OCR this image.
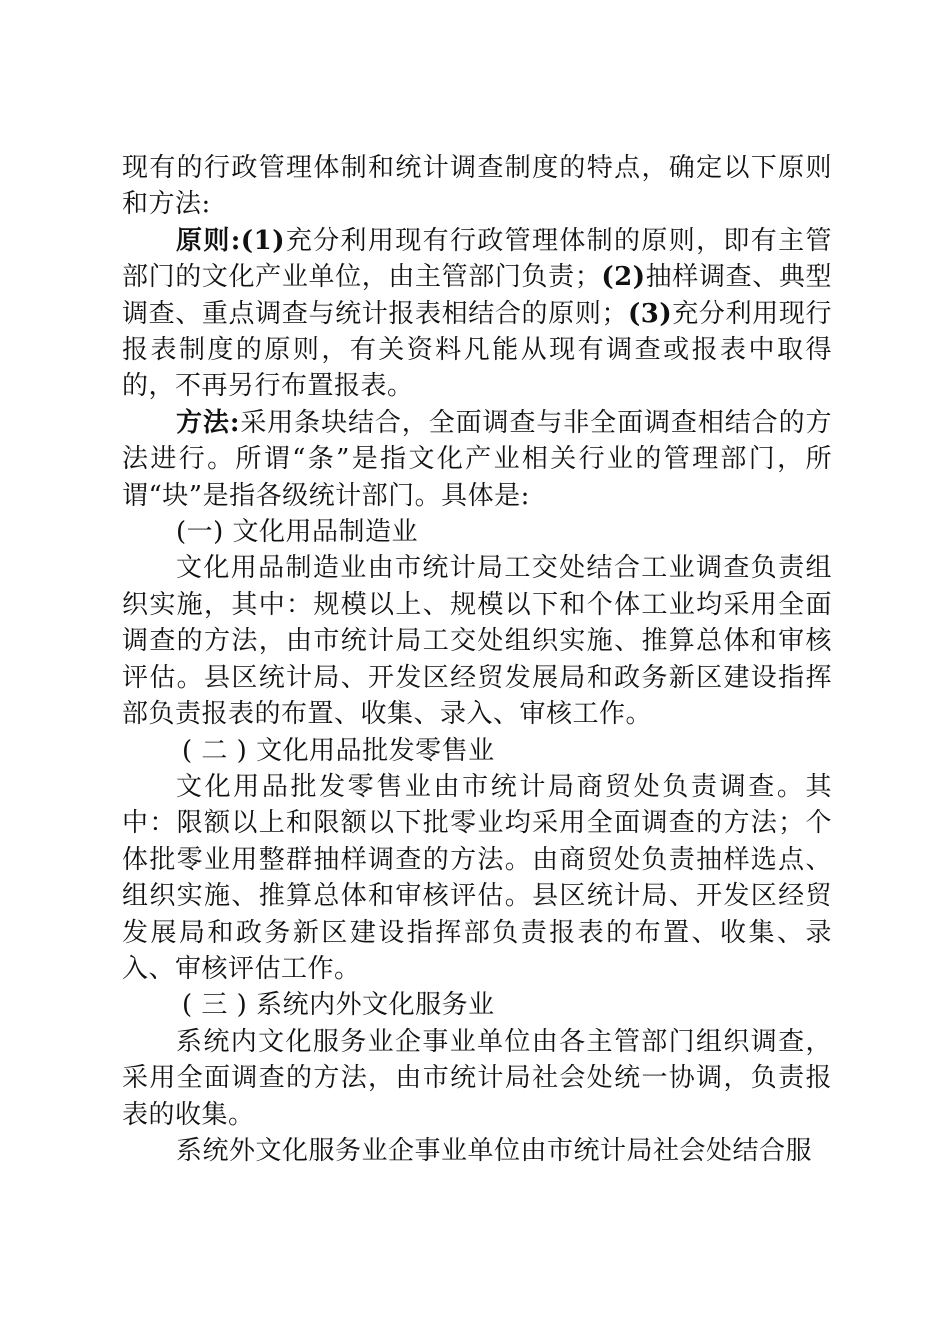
现有的行政管理体制和统计调查制度的特点，确定以下原则和方法:

原则:(1)充分利用现有行政管理体制的原则，即有主管部门的文化产业单位，由主管部门负责；(2)抽样调查、典型调查、重点调查与统计报表相结合的原则；(3)充分利用现行报表制度的原则，有关资料凡能从现有调查或报表中取得的，不再另行布置报表。

方法:采用条块结合，全面调查与非全面调查相结合的方法进行。所谓“条”是指文化产业相关行业的管理部门，所谓“块”是指各级统计部门。具体是:

(一) 文化用品制造业

文化用品制造业由市统计局工交处结合工业调查负责组织实施，其中：规模以上、规模以下和个体工业均采用全面调查的方法，由市统计局工交处组织实施、推算总体和审核评估。县区统计局、开发区经贸发展局和政务新区建设指挥部负责报表的布置、收集、录入、审核工作。

( 二 ) 文化用品批发零售业

文化用品批发零售业由市统计局商贸处负责调查。其中：限额以上和限额以下批零业均采用全面调查的方法；个体批零业用整群抽样调查的方法。由商贸处负责抽样选点、组织实施、推算总体和审核评估。县区统计局、开发区经贸发展局和政务新区建设指挥部负责报表的布置、收集、录入、审核评估工作。

( 三 ) 系统内外文化服务业

系统内文化服务业企事业单位由各主管部门组织调查，采用全面调查的方法，由市统计局社会处统一协调，负责报表的收集。

系统外文化服务业企事业单位由市统计局社会处结合服
